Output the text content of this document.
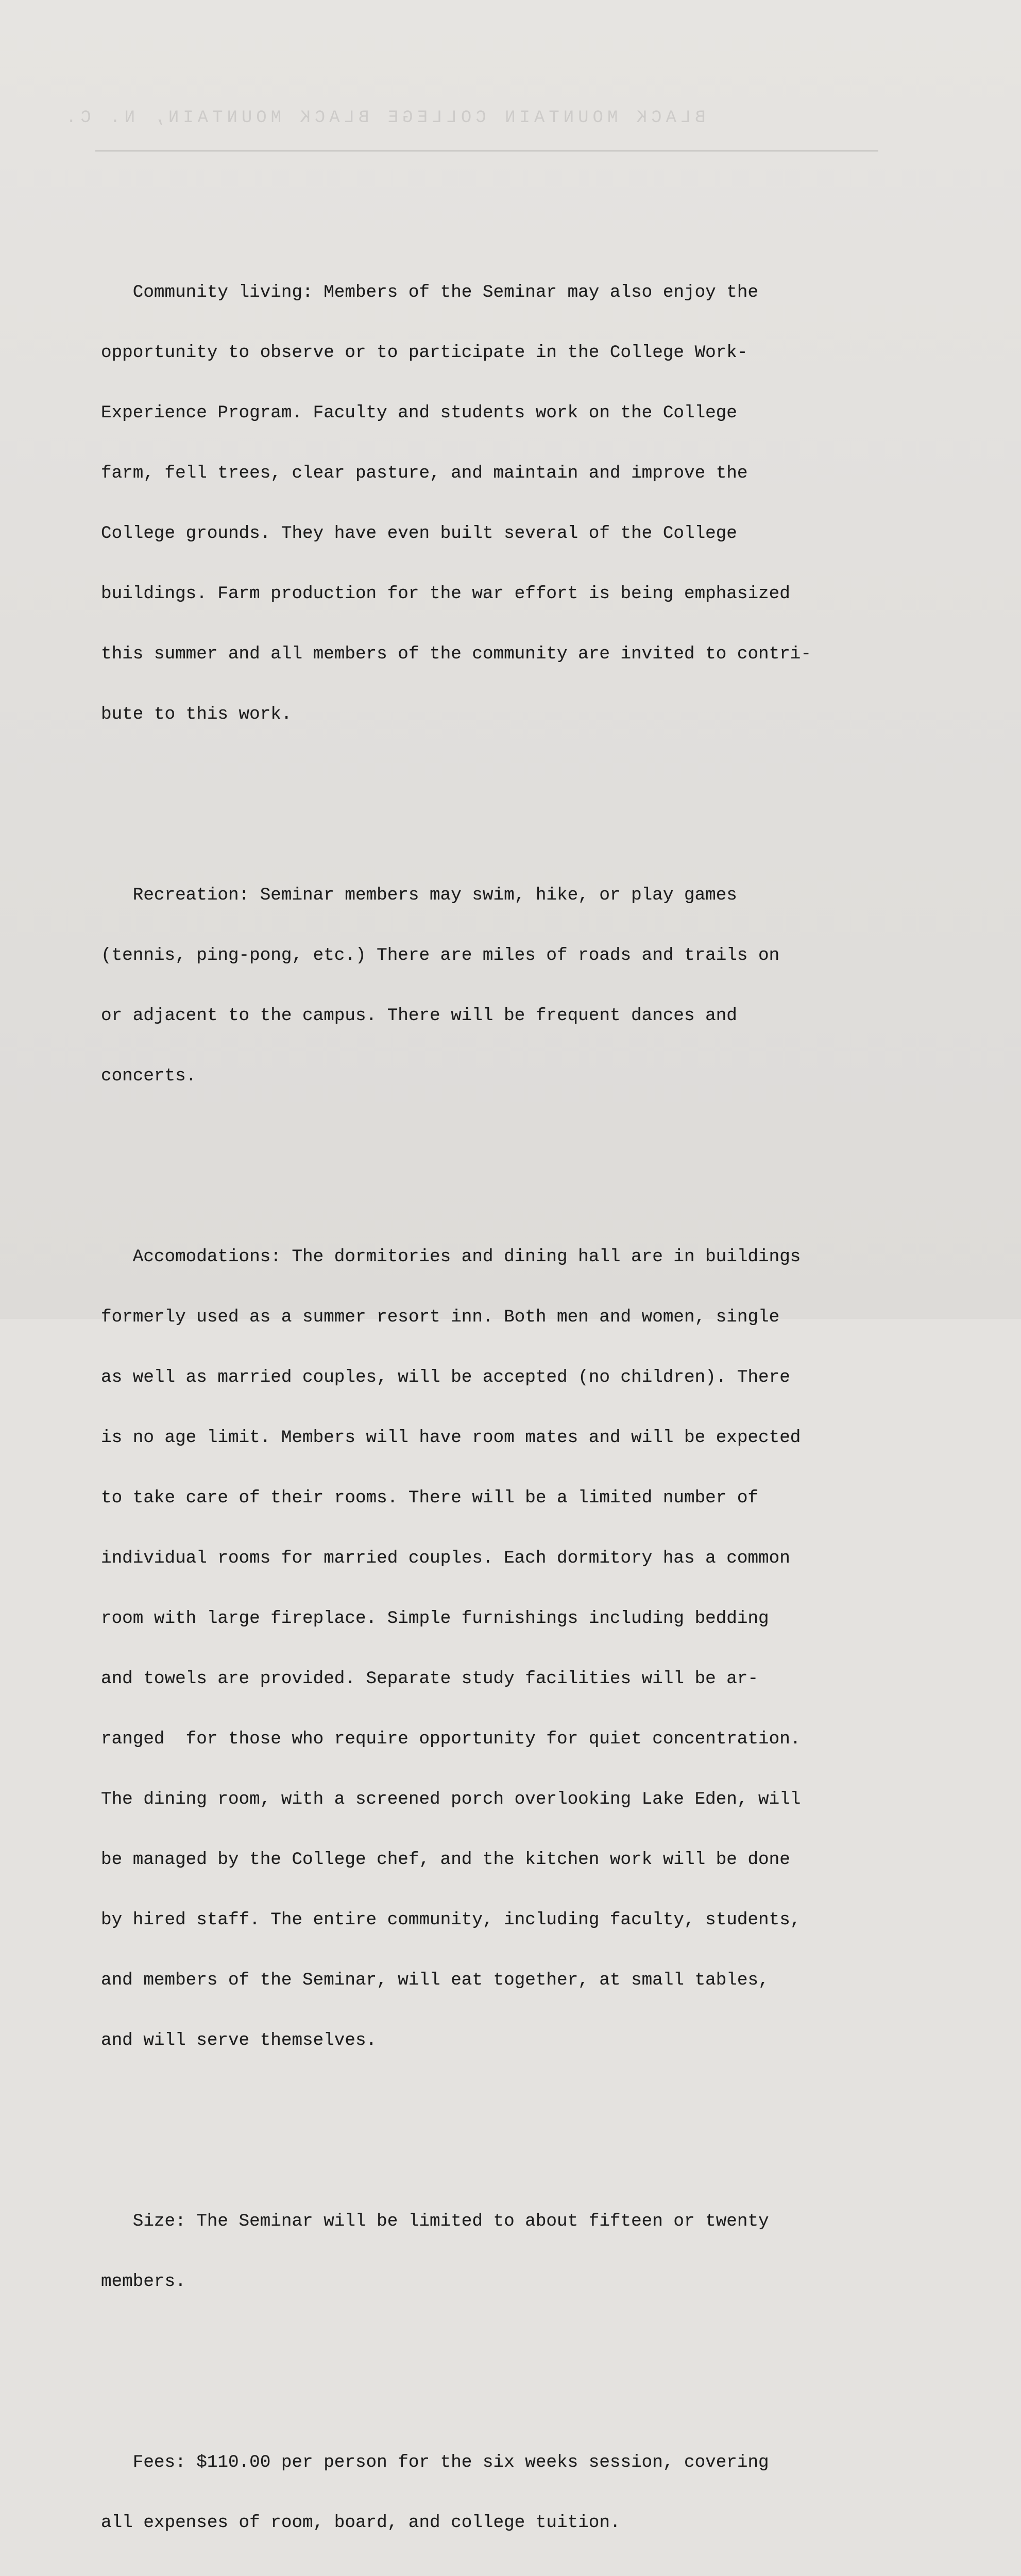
BLACK MOUNTAIN COLLEGE BLACK MOUNTAIN, N. C.

Community living: Members of the Seminar may also enjoy the

opportunity to observe or to participate in the College Work-

Experience Program. Faculty and students work on the College

farm, fell trees, clear pasture, and maintain and improve the

College grounds. They have even built several of the College

buildings. Farm production for the war effort is being emphasized

this summer and all members of the community are invited to contri-

bute to this work.

Recreation: Seminar members may swim, hike, or play games

(tennis, ping-pong, etc.) There are miles of roads and trails on

or adjacent to the campus. There will be frequent dances and

concerts.

Accomodations: The dormitories and dining hall are in buildings

formerly used as a summer resort inn. Both men and women, single

as well as married couples, will be accepted (no children). There

is no age limit. Members will have room mates and will be expected

to take care of their rooms. There will be a limited number of

individual rooms for married couples. Each dormitory has a common

room with large fireplace. Simple furnishings including bedding

and towels are provided. Separate study facilities will be ar-

ranged  for those who require opportunity for quiet concentration.

The dining room, with a screened porch overlooking Lake Eden, will

be managed by the College chef, and the kitchen work will be done

by hired staff. The entire community, including faculty, students,

and members of the Seminar, will eat together, at small tables,

and will serve themselves.

Size: The Seminar will be limited to about fifteen or twenty

members.

Fees: $110.00 per person for the six weeks session, covering

all expenses of room, board, and college tuition.
